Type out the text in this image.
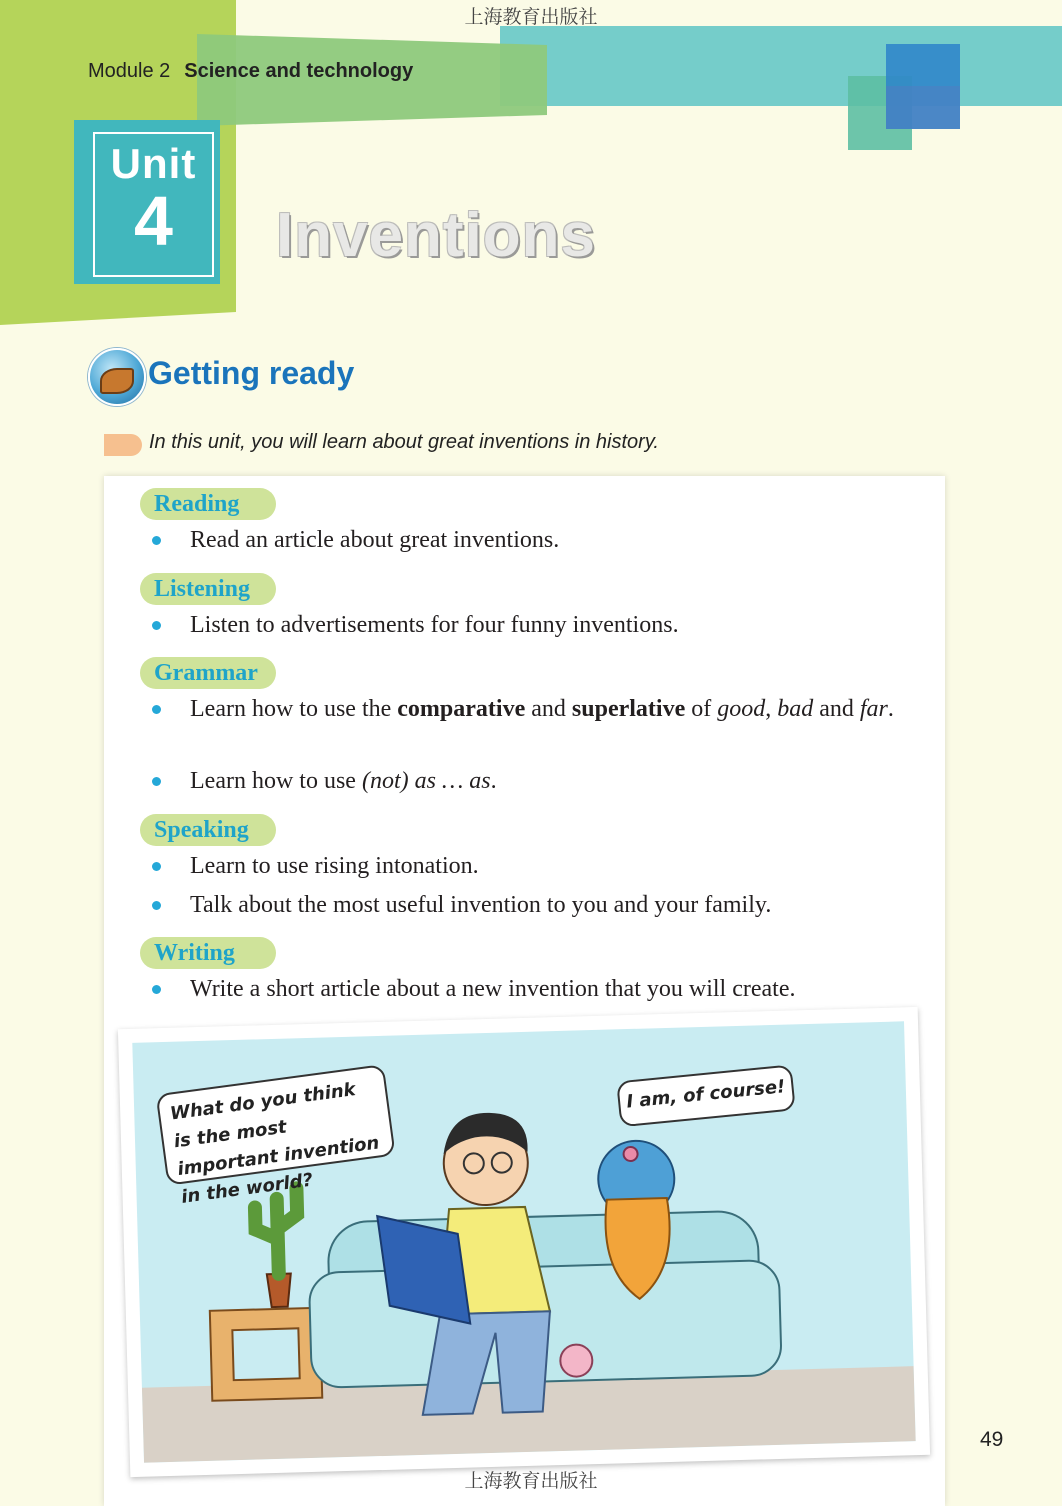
上海教育出版社
Module 2 Science and technology
Unit
4	Inventions
Getting ready
In this unit, you will learn about great inventions in history.
Reading
Read an article about great inventions.
Listening
Listen to advertisements for four funny inventions.
Grammar
Learn how to use the comparative and superlative of good, bad and far.
Learn how to use (not) as … as.
Speaking
Learn to use rising intonation.
Talk about the most useful invention to you and your family.
Writing
Write a short article about a new invention that you will create.
What do you think is the most important invention in the world?
I am, of course!
49
上海教育出版社
